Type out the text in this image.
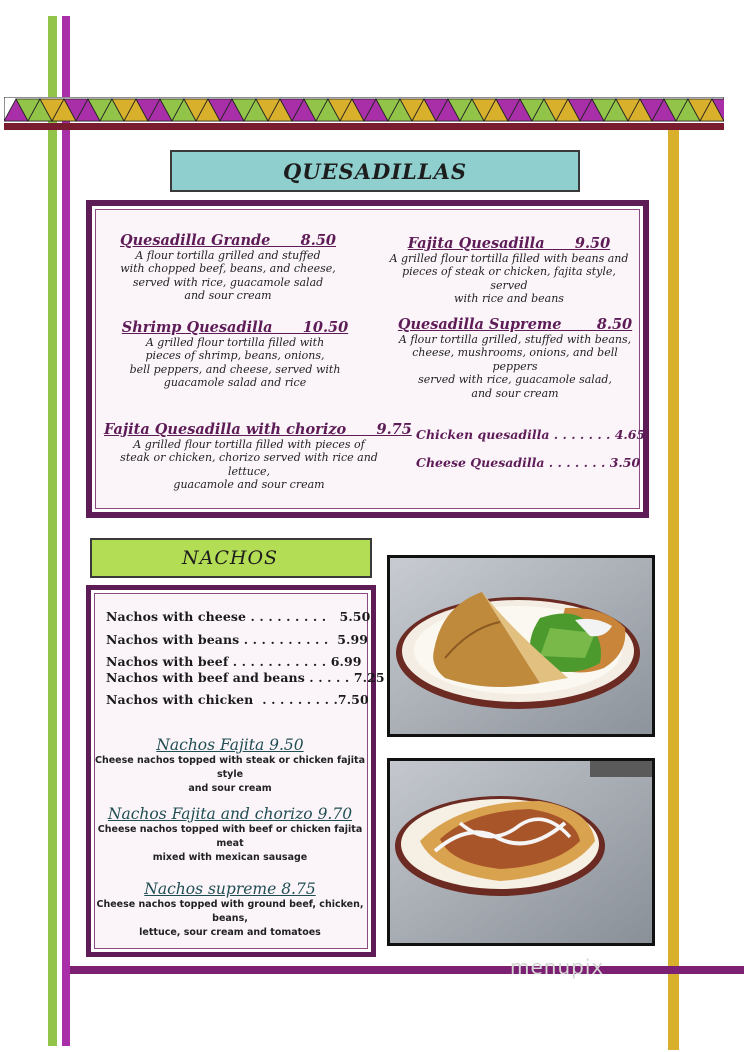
QUESADILLAS
Quesadilla Grande      8.50
A flour tortilla grilled and stuffed
with chopped beef, beans, and cheese,
served with rice, guacamole salad
and sour cream
Shrimp Quesadilla      10.50
A grilled flour tortilla filled with
pieces of shrimp, beans, onions,
bell peppers, and cheese, served with
guacamole salad and rice
Fajita Quesadilla with chorizo      9.75
A grilled flour tortilla filled with pieces of
steak or chicken, chorizo served with rice and lettuce,
guacamole and sour cream
Fajita Quesadilla      9.50
A grilled flour tortilla filled with beans and
pieces of steak or chicken, fajita style, served
with rice and beans
Quesadilla Supreme       8.50
A flour tortilla grilled, stuffed with beans,
cheese, mushrooms, onions, and bell peppers
served with rice, guacamole salad,
and sour cream
Chicken quesadilla . . . . . . . 4.65
Cheese Quesadilla . . . . . . . 3.50
NACHOS
Nachos with cheese . . . . . . . . .   5.50
Nachos with beans . . . . . . . . . .  5.99
Nachos with beef . . . . . . . . . . . 6.99
Nachos with beef and beans . . . . . 7.25
Nachos with chicken  . . . . . . . . .7.50
Nachos Fajita 9.50
Cheese nachos topped with steak or chicken fajita style
and sour cream
Nachos Fajita and chorizo 9.70
Cheese nachos topped with beef or chicken fajita meat
mixed with mexican sausage
Nachos supreme 8.75
Cheese nachos topped with ground beef, chicken, beans,
lettuce, sour cream and tomatoes
menupix
